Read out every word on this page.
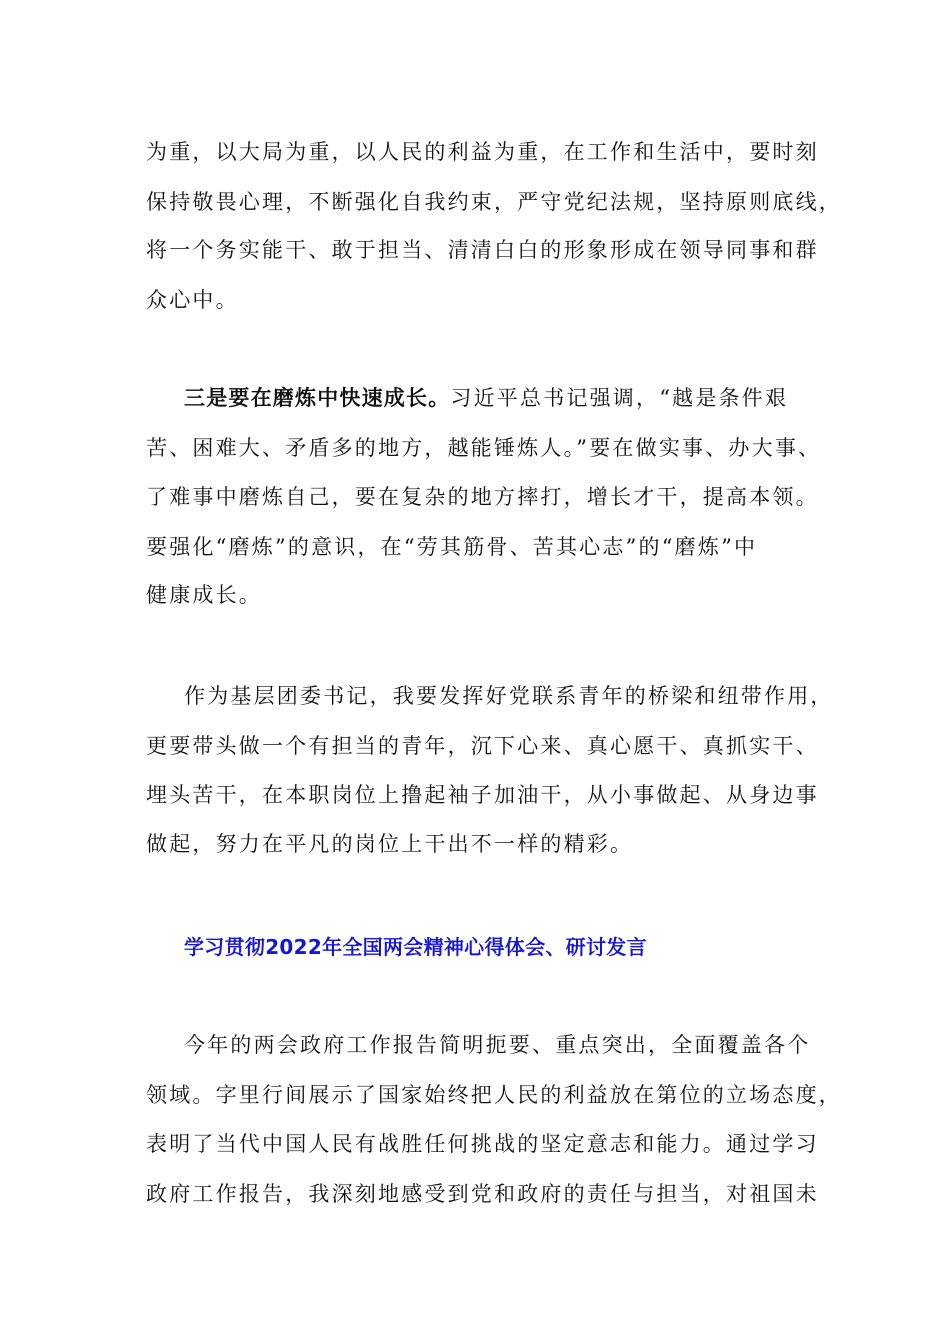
为重，以大局为重，以人民的利益为重，在工作和生活中，要时刻
保持敬畏心理，不断强化自我约束，严守党纪法规，坚持原则底线，
将一个务实能干、敢于担当、清清白白的形象形成在领导同事和群
众心中。
三是要在磨炼中快速成长。习近平总书记强调，“越是条件艰
苦、困难大、矛盾多的地方，越能锤炼人。”要在做实事、办大事、
了难事中磨炼自己，要在复杂的地方摔打，增长才干，提高本领。
要强化“磨炼”的意识，在“劳其筋骨、苦其心志”的“磨炼”中
健康成长。
作为基层团委书记，我要发挥好党联系青年的桥梁和纽带作用，
更要带头做一个有担当的青年，沉下心来、真心愿干、真抓实干、
埋头苦干，在本职岗位上撸起袖子加油干，从小事做起、从身边事
做起，努力在平凡的岗位上干出不一样的精彩。
学习贯彻2022年全国两会精神心得体会、研讨发言
今年的两会政府工作报告简明扼要、重点突出，全面覆盖各个
领域。字里行间展示了国家始终把人民的利益放在第位的立场态度，
表明了当代中国人民有战胜任何挑战的坚定意志和能力。通过学习
政府工作报告，我深刻地感受到党和政府的责任与担当，对祖国未
